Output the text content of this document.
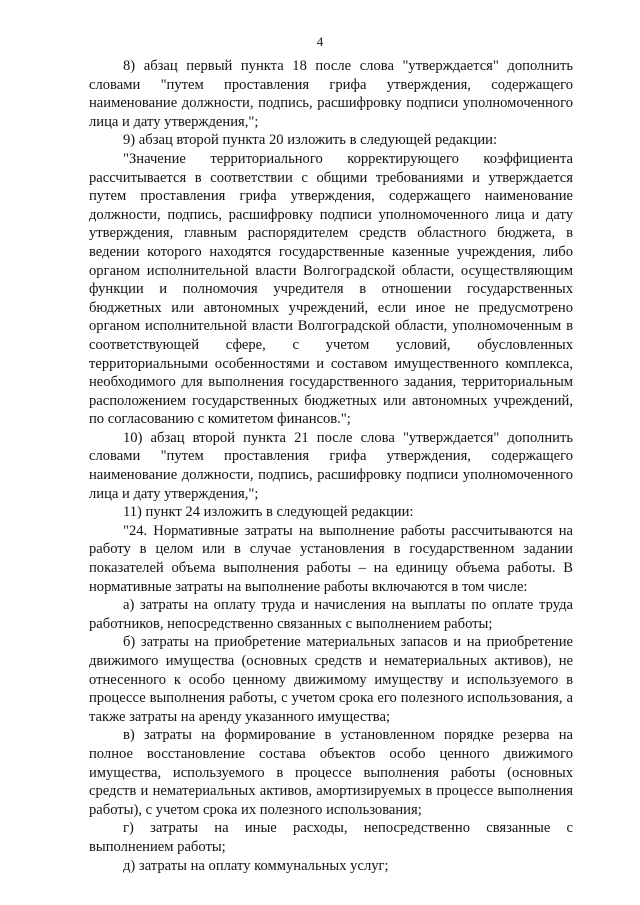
4

8) абзац первый пункта 18 после слова "утверждается" дополнить словами "путем проставления грифа утверждения, содержащего наименование должности, подпись, расшифровку подписи уполномоченного лица и дату утверждения,";

9) абзац второй пункта 20 изложить в следующей редакции:

"Значение территориального корректирующего коэффициента рассчитывается в соответствии с общими требованиями и утверждается путем проставления грифа утверждения, содержащего наименование должности, подпись, расшифровку подписи уполномоченного лица и дату утверждения, главным распорядителем средств областного бюджета, в ведении которого находятся государственные казенные учреждения, либо органом исполнительной власти Волгоградской области, осуществляющим функции и полномочия учредителя в отношении государственных бюджетных или автономных учреждений, если иное не предусмотрено органом исполнительной власти Волгоградской области, уполномоченным в соответствующей сфере, с учетом условий, обусловленных территориальными особенностями и составом имущественного комплекса, необходимого для выполнения государственного задания, территориальным расположением государственных бюджетных или автономных учреждений, по согласованию с комитетом финансов.";

10) абзац второй пункта 21 после слова "утверждается" дополнить словами "путем проставления грифа утверждения, содержащего наименование должности, подпись, расшифровку подписи уполномоченного лица и дату утверждения,";

11) пункт 24 изложить в следующей редакции:

"24. Нормативные затраты на выполнение работы рассчитываются на работу в целом или в случае установления в государственном задании показателей объема выполнения работы – на единицу объема работы. В нормативные затраты на выполнение работы включаются в том числе:

а) затраты на оплату труда и начисления на выплаты по оплате труда работников, непосредственно связанных с выполнением работы;

б) затраты на приобретение материальных запасов и на приобретение движимого имущества (основных средств и нематериальных активов), не отнесенного к особо ценному движимому имуществу и используемого в процессе выполнения работы, с учетом срока его полезного использования, а также затраты на аренду указанного имущества;

в) затраты на формирование в установленном порядке резерва на полное восстановление состава объектов особо ценного движимого имущества, используемого в процессе выполнения работы (основных средств и нематериальных активов, амортизируемых в процессе выполнения работы), с учетом срока их полезного использования;

г) затраты на иные расходы, непосредственно связанные с выполнением работы;

д) затраты на оплату коммунальных услуг;
